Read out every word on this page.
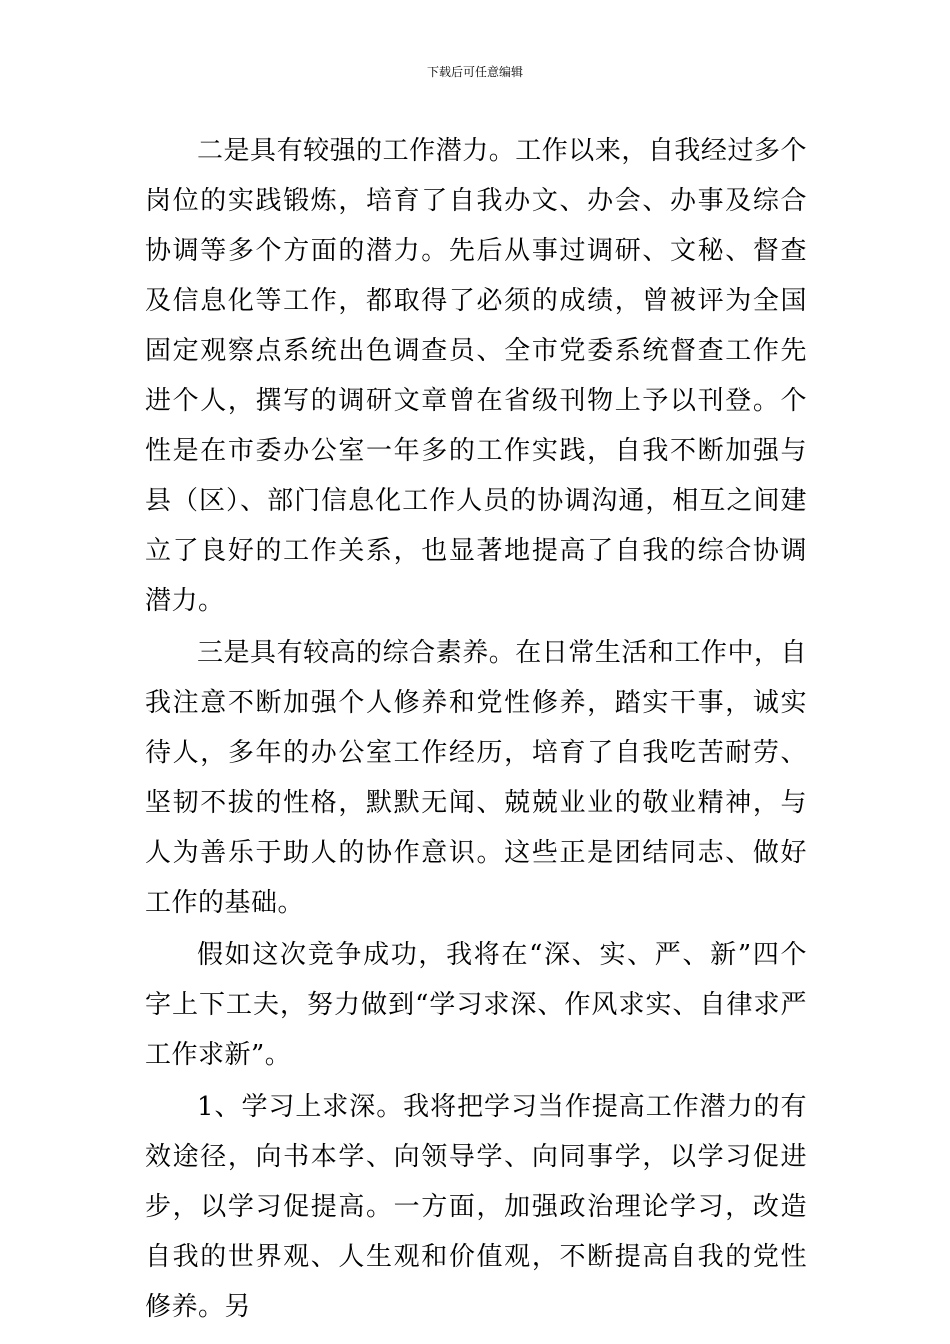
下载后可任意编辑

二是具有较强的工作潜力。工作以来，自我经过多个岗位的实践锻炼，培育了自我办文、办会、办事及综合协调等多个方面的潜力。先后从事过调研、文秘、督查及信息化等工作，都取得了必须的成绩，曾被评为全国固定观察点系统出色调查员、全市党委系统督查工作先进个人，撰写的调研文章曾在省级刊物上予以刊登。个性是在市委办公室一年多的工作实践，自我不断加强与县（区）、部门信息化工作人员的协调沟通，相互之间建立了良好的工作关系，也显著地提高了自我的综合协调潜力。

三是具有较高的综合素养。在日常生活和工作中，自我注意不断加强个人修养和党性修养，踏实干事，诚实待人，多年的办公室工作经历，培育了自我吃苦耐劳、坚韧不拔的性格，默默无闻、兢兢业业的敬业精神，与人为善乐于助人的协作意识。这些正是团结同志、做好工作的基础。

假如这次竞争成功，我将在“深、实、严、新”四个字上下工夫，努力做到“学习求深、作风求实、自律求严工作求新”。

1、学习上求深。我将把学习当作提高工作潜力的有效途径，向书本学、向领导学、向同事学，以学习促进步，以学习促提高。一方面，加强政治理论学习，改造自我的世界观、人生观和价值观，不断提高自我的党性修养。另
